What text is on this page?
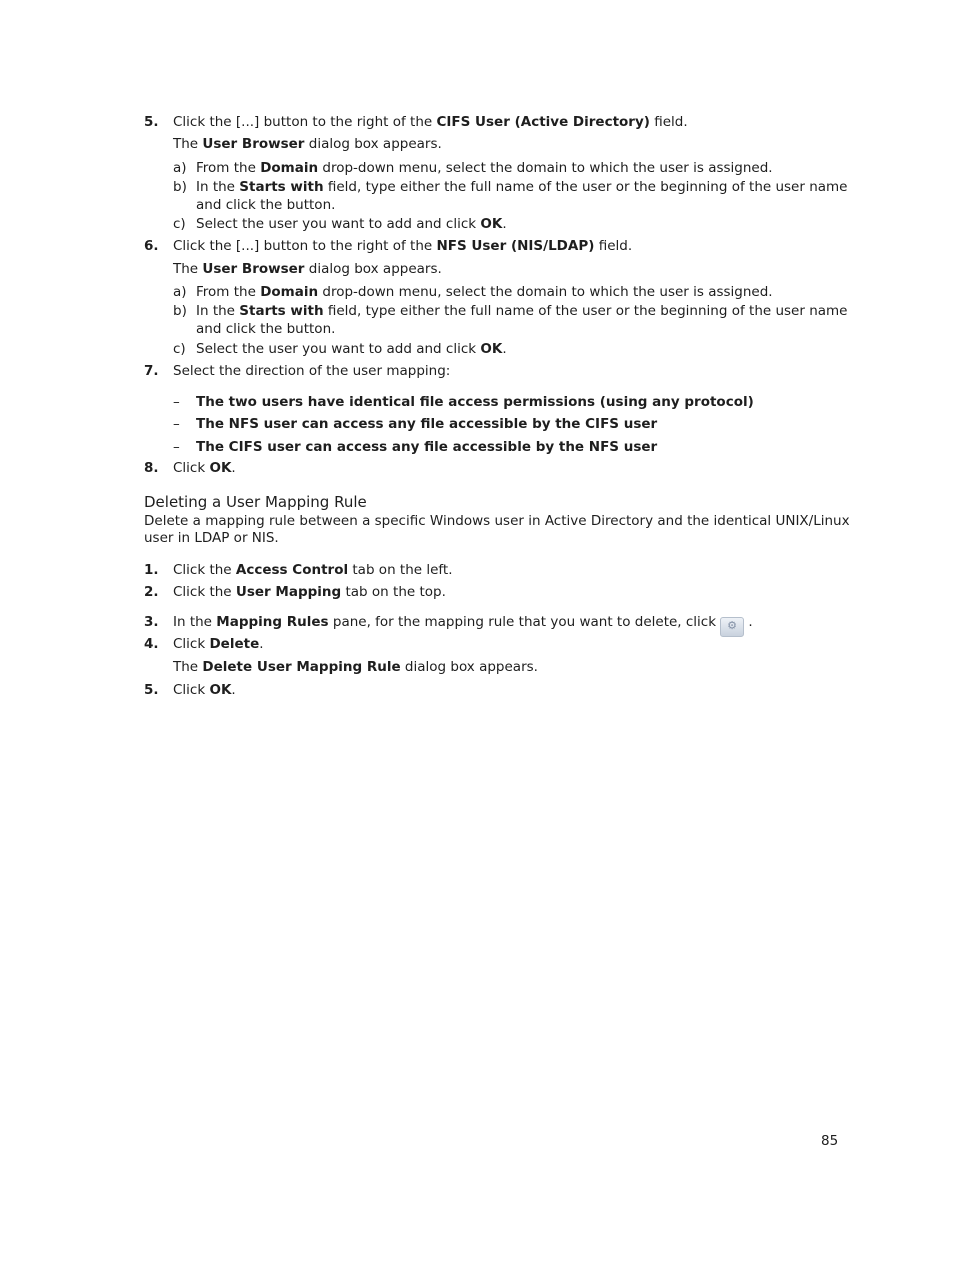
5. Click the [...] button to the right of the CIFS User (Active Directory) field.
The User Browser dialog box appears.
a) From the Domain drop-down menu, select the domain to which the user is assigned.
b) In the Starts with field, type either the full name of the user or the beginning of the user name
and click the button.
c) Select the user you want to add and click OK.
6. Click the [...] button to the right of the NFS User (NIS/LDAP) field.
The User Browser dialog box appears.
a) From the Domain drop-down menu, select the domain to which the user is assigned.
b) In the Starts with field, type either the full name of the user or the beginning of the user name
and click the button.
c) Select the user you want to add and click OK.
7. Select the direction of the user mapping:
– The two users have identical file access permissions (using any protocol)
– The NFS user can access any file accessible by the CIFS user
– The CIFS user can access any file accessible by the NFS user
8. Click OK.
Deleting a User Mapping Rule
Delete a mapping rule between a specific Windows user in Active Directory and the identical UNIX/Linux
user in LDAP or NIS.
1. Click the Access Control tab on the left.
2. Click the User Mapping tab on the top.
3. In the Mapping Rules pane, for the mapping rule that you want to delete, click ⚙ .
4. Click Delete.
The Delete User Mapping Rule dialog box appears.
5. Click OK.
85
